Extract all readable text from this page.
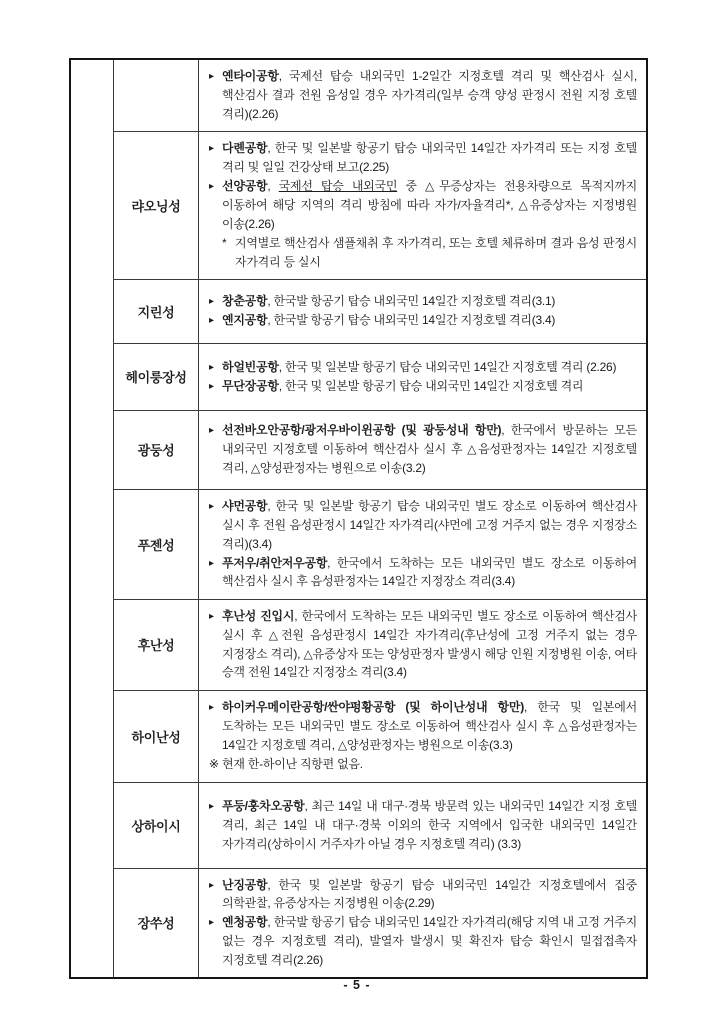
▸ 옌타이공항, 국제선 탑승 내외국민 1-2일간 지정호텔 격리 및 핵산검사 실시, 핵산검사 결과 전원 음성일 경우 자가격리(일부 승객 양성 판정시 전원 지정 호텔 격리)(2.26)
랴오닝성
▸ 다롄공항, 한국 및 일본발 항공기 탑승 내외국민 14일간 자가격리 또는 지정 호텔 격리 및 일일 건강상태 보고(2.25)
▸ 선양공항, 국제선 탑승 내외국민 중 △무증상자는 전용차량으로 목적지까지 이동하여 해당 지역의 격리 방침에 따라 자가/자율격리*, △유증상자는 지정병원 이송(2.26)
* 지역별로 핵산검사 샘플채취 후 자가격리, 또는 호텔 체류하며 결과 음성 판정시 자가격리 등 실시
지린성
▸ 창춘공항, 한국발 항공기 탑승 내외국민 14일간 지정호텔 격리(3.1)
▸ 옌지공항, 한국발 항공기 탑승 내외국민 14일간 지정호텔 격리(3.4)
헤이룽장성
▸ 하얼빈공항, 한국 및 일본발 항공기 탑승 내외국민 14일간 지정호텔 격리 (2.26)
▸ 무단장공항, 한국 및 일본발 항공기 탑승 내외국민 14일간 지정호텔 격리
광둥성
▸ 선전바오안공항/광저우바이윈공항 (및 광둥성내 항만), 한국에서 방문하는 모든 내외국민 지정호텔 이동하여 핵산검사 실시 후 △음성판정자는 14일간 지정호텔 격리, △양성판정자는 병원으로 이송(3.2)
푸젠성
▸ 샤먼공항, 한국 및 일본발 항공기 탑승 내외국민 별도 장소로 이동하여 핵산검사 실시 후 전원 음성판정시 14일간 자가격리(샤먼에 고정 거주지 없는 경우 지정장소 격리)(3.4)
▸ 푸저우/취안저우공항, 한국에서 도착하는 모든 내외국민 별도 장소로 이동하여 핵산검사 실시 후 음성판정자는 14일간 지정장소 격리(3.4)
후난성
▸ 후난성 진입시, 한국에서 도착하는 모든 내외국민 별도 장소로 이동하여 핵산검사 실시 후 △전원 음성판정시 14일간 자가격리(후난성에 고정 거주지 없는 경우 지정장소 격리), △유증상자 또는 양성판정자 발생시 해당 인원 지정병원 이송, 여타 승객 전원 14일간 지정장소 격리(3.4)
하이난성
▸ 하이커우메이란공항/싼야펑황공항 (및 하이난성내 항만), 한국 및 일본에서 도착하는 모든 내외국민 별도 장소로 이동하여 핵산검사 실시 후 △음성판정자는 14일간 지정호텔 격리, △양성판정자는 병원으로 이송(3.3)
※ 현재 한-하이난 직항편 없음.
상하이시
▸ 푸둥/훙차오공항, 최근 14일 내 대구·경북 방문력 있는 내외국민 14일간 지정 호텔 격리, 최근 14일 내 대구·경북 이외의 한국 지역에서 입국한 내외국민 14일간 자가격리(상하이시 거주자가 아닐 경우 지정호텔 격리) (3.3)
장쑤성
▸ 난징공항, 한국 및 일본발 항공기 탑승 내외국민 14일간 지정호텔에서 집중 의학관찰, 유증상자는 지정병원 이송(2.29)
▸ 옌청공항, 한국발 항공기 탑승 내외국민 14일간 자가격리(해당 지역 내 고정 거주지 없는 경우 지정호텔 격리), 발열자 발생시 및 확진자 탑승 확인시 밀접접촉자 지정호텔 격리(2.26)
- 5 -
